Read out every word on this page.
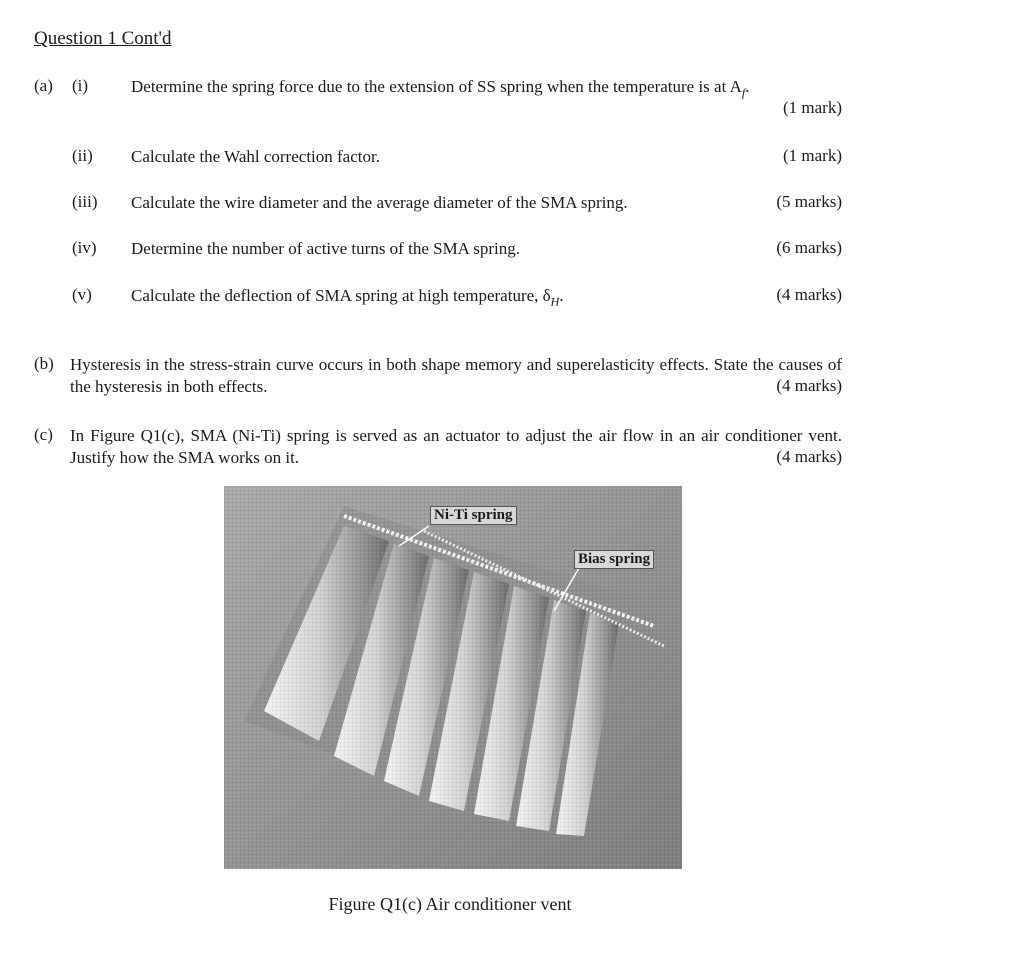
Question 1 Cont'd
(a) (i)	Determine the spring force due to the extension of SS spring when the temperature is at $A_f$.
(1 mark)
(ii) Calculate the Wahl correction factor.	(1 mark)
(iii) Calculate the wire diameter and the average diameter of the SMA spring.	(5 marks)
(iv) Determine the number of active turns of the SMA spring.	(6 marks)
(v) Calculate the deflection of SMA spring at high temperature, $\delta_H$.	(4 marks)
(b) Hysteresis in the stress-strain curve occurs in both shape memory and superelasticity effects. State the causes of the hysteresis in both effects.	(4 marks)
(c) In Figure Q1(c), SMA (Ni-Ti) spring is served as an actuator to adjust the air flow in an air conditioner vent. Justify how the SMA works on it.	(4 marks)
Ni-Ti spring
Bias spring
Figure Q1(c) Air conditioner vent
